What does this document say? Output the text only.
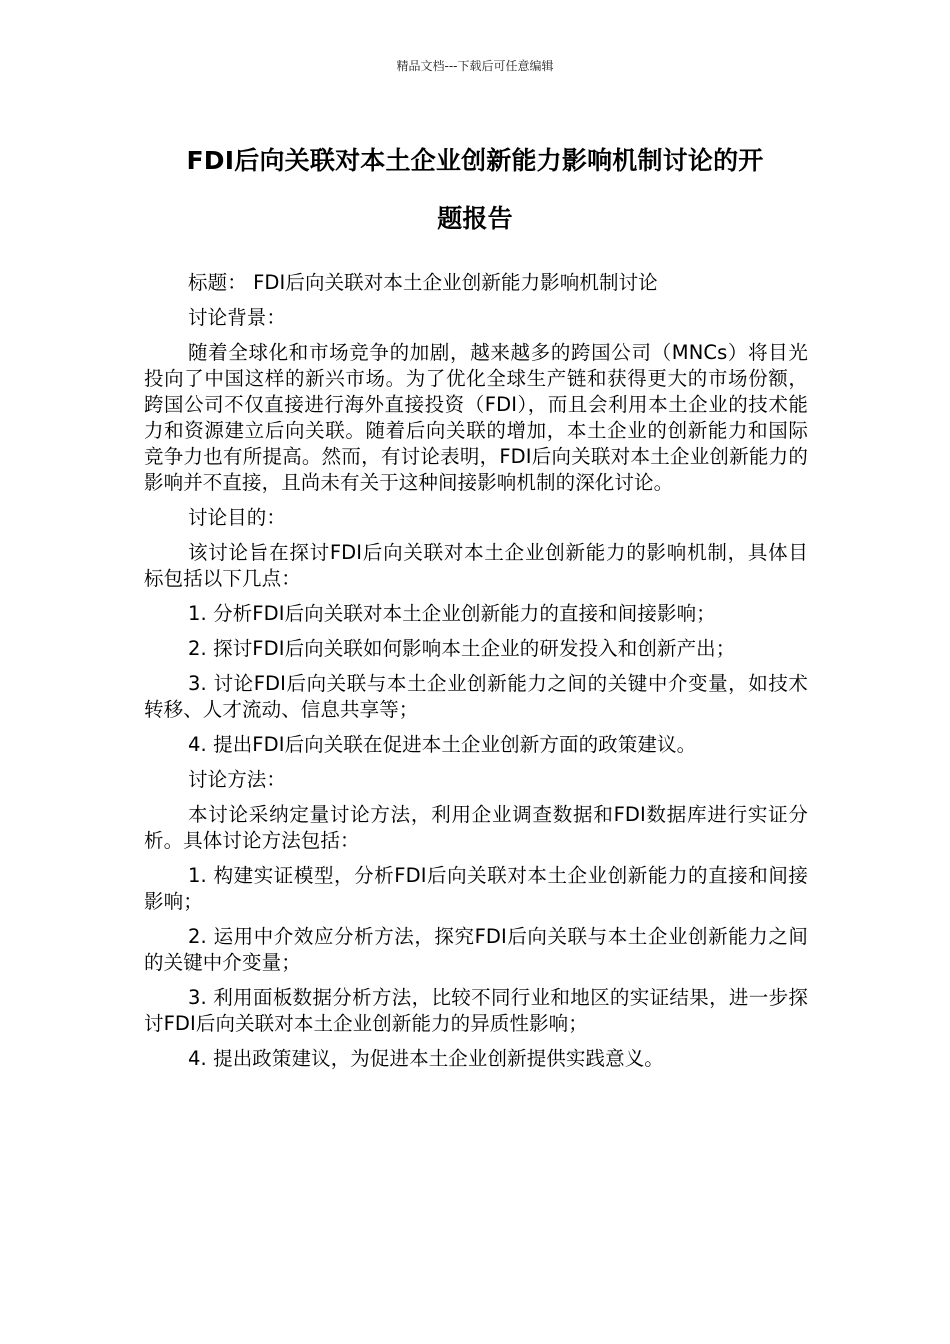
精品文档---下载后可任意编辑
FDI后向关联对本土企业创新能力影响机制讨论的开
题报告

标题： FDI后向关联对本土企业创新能力影响机制讨论

讨论背景：

随着全球化和市场竞争的加剧，越来越多的跨国公司（MNCs）将目光投向了中国这样的新兴市场。为了优化全球生产链和获得更大的市场份额，跨国公司不仅直接进行海外直接投资（FDI），而且会利用本土企业的技术能力和资源建立后向关联。随着后向关联的增加，本土企业的创新能力和国际竞争力也有所提高。然而，有讨论表明，FDI后向关联对本土企业创新能力的影响并不直接，且尚未有关于这种间接影响机制的深化讨论。

讨论目的：

该讨论旨在探讨FDI后向关联对本土企业创新能力的影响机制，具体目标包括以下几点：

1. 分析FDI后向关联对本土企业创新能力的直接和间接影响；

2. 探讨FDI后向关联如何影响本土企业的研发投入和创新产出；

3. 讨论FDI后向关联与本土企业创新能力之间的关键中介变量，如技术转移、人才流动、信息共享等；

4. 提出FDI后向关联在促进本土企业创新方面的政策建议。

讨论方法：

本讨论采纳定量讨论方法，利用企业调查数据和FDI数据库进行实证分析。具体讨论方法包括：

1. 构建实证模型，分析FDI后向关联对本土企业创新能力的直接和间接影响；

2. 运用中介效应分析方法，探究FDI后向关联与本土企业创新能力之间的关键中介变量；

3. 利用面板数据分析方法，比较不同行业和地区的实证结果，进一步探讨FDI后向关联对本土企业创新能力的异质性影响；

4. 提出政策建议，为促进本土企业创新提供实践意义。
